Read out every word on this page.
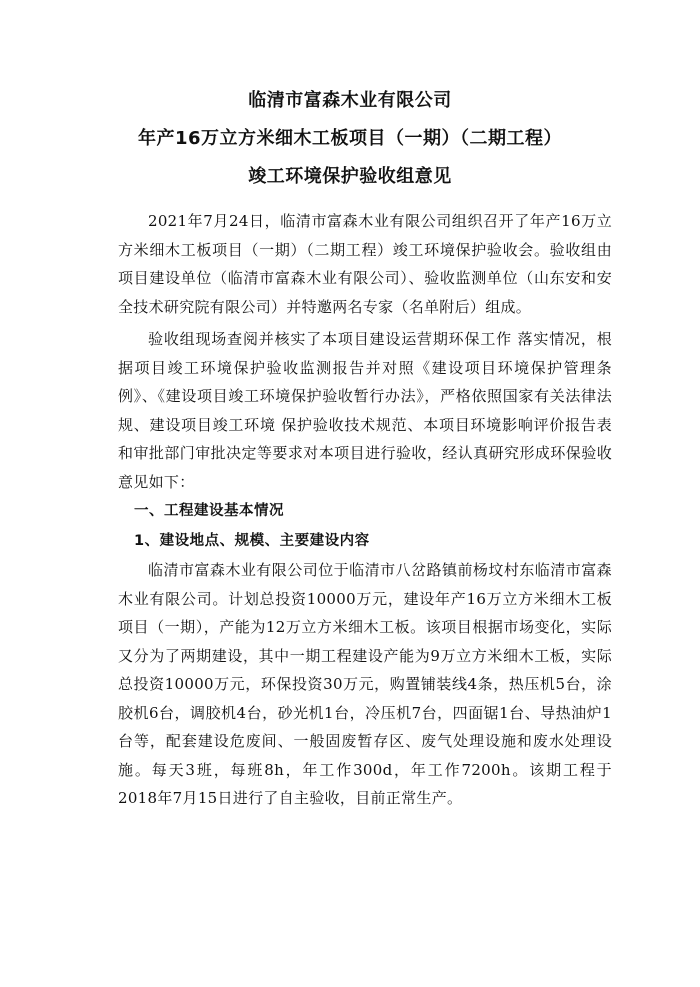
临清市富森木业有限公司
年产16万立方米细木工板项目（一期）（二期工程）
竣工环境保护验收组意见

2021年7月24日，临清市富森木业有限公司组织召开了年产16万立方米细木工板项目（一期）（二期工程）竣工环境保护验收会。验收组由项目建设单位（临清市富森木业有限公司）、验收监测单位（山东安和安全技术研究院有限公司）并特邀两名专家（名单附后）组成。

验收组现场查阅并核实了本项目建设运营期环保工作 落实情况，根据项目竣工环境保护验收监测报告并对照《建设项目环境保护管理条例》、《建设项目竣工环境保护验收暂行办法》，严格依照国家有关法律法规、建设项目竣工环境 保护验收技术规范、本项目环境影响评价报告表和审批部门审批决定等要求对本项目进行验收，经认真研究形成环保验收意见如下：

一、工程建设基本情况
1、建设地点、规模、主要建设内容

临清市富森木业有限公司位于临清市八岔路镇前杨坟村东临清市富森木业有限公司。计划总投资10000万元，建设年产16万立方米细木工板项目（一期），产能为12万立方米细木工板。该项目根据市场变化，实际又分为了两期建设，其中一期工程建设产能为9万立方米细木工板，实际总投资10000万元，环保投资30万元，购置铺装线4条，热压机5台，涂胶机6台，调胶机4台，砂光机1台，冷压机7台，四面锯1台、导热油炉1台等，配套建设危废间、一般固废暂存区、废气处理设施和废水处理设施。每天3班，每班8h，年工作300d，年工作7200h。该期工程于2018年7月15日进行了自主验收，目前正常生产。
